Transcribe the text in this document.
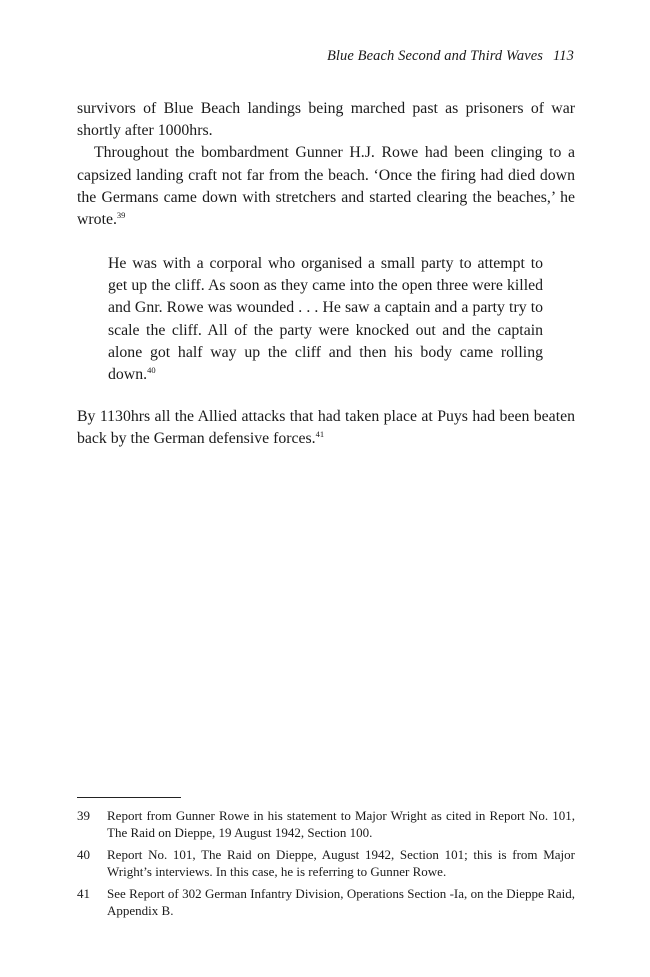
Blue Beach Second and Third Waves 113

survivors of Blue Beach landings being marched past as prisoners of war shortly after 1000hrs.

Throughout the bombardment Gunner H.J. Rowe had been clinging to a capsized landing craft not far from the beach. ‘Once the firing had died down the Germans came down with stretchers and started clearing the beaches,’ he wrote.$^{39}$

He was with a corporal who organised a small party to attempt to get up the cliff. As soon as they came into the open three were killed and Gnr. Rowe was wounded . . . He saw a captain and a party try to scale the cliff. All of the party were knocked out and the captain alone got half way up the cliff and then his body came rolling down.$^{40}$

By 1130hrs all the Allied attacks that had taken place at Puys had been beaten back by the German defensive forces.$^{41}$

39	Report from Gunner Rowe in his statement to Major Wright as cited in Report No. 101, The Raid on Dieppe, 19 August 1942, Section 100.
40	Report No. 101, The Raid on Dieppe, August 1942, Section 101; this is from Major Wright’s interviews. In this case, he is referring to Gunner Rowe.
41	See Report of 302 German Infantry Division, Operations Section -Ia, on the Dieppe Raid, Appendix B.
